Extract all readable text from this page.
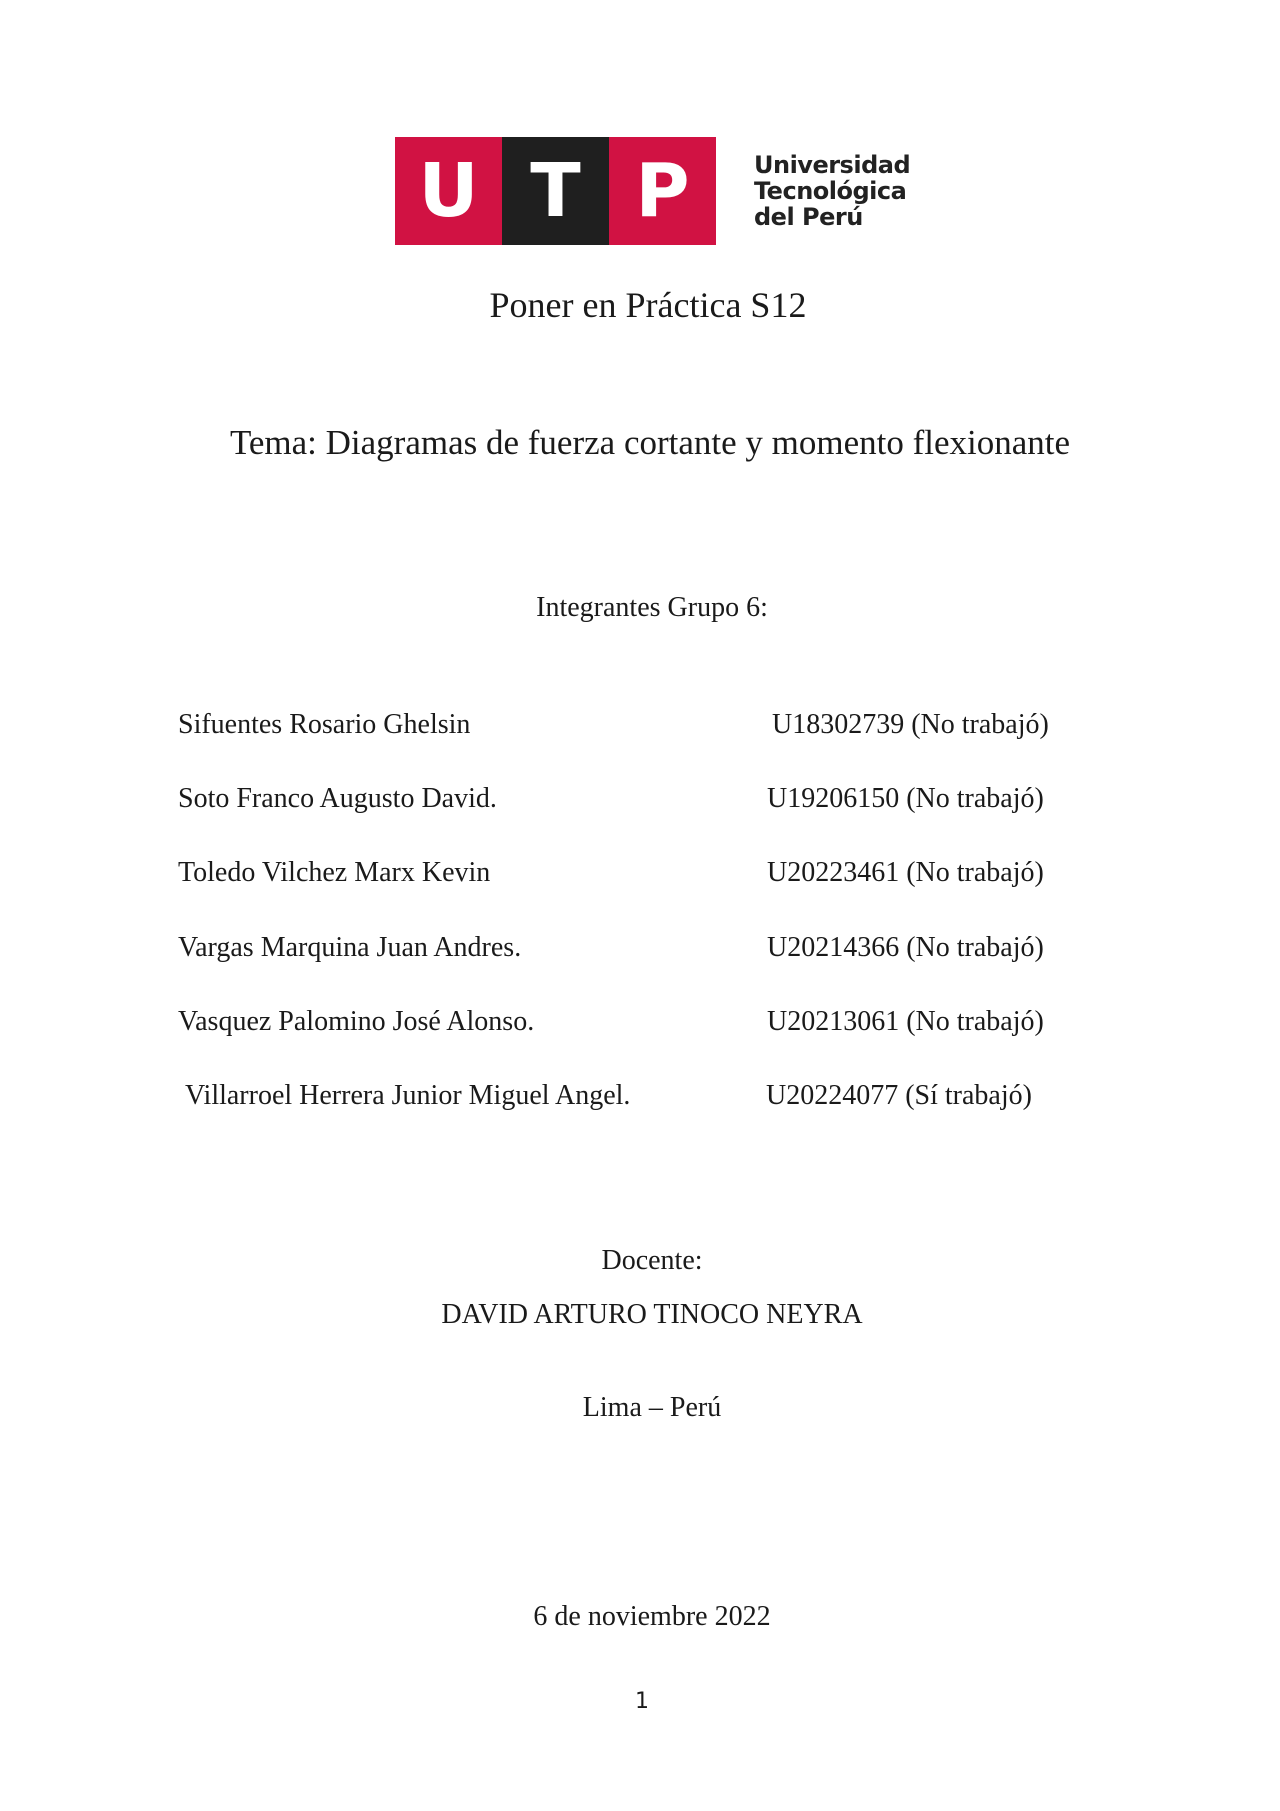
U T P	Universidad
Tecnológica
del Perú
Poner en Práctica S12
Tema: Diagramas de fuerza cortante y momento flexionante
Integrantes Grupo 6:
Sifuentes Rosario Ghelsin	U18302739 (No trabajó)
Soto Franco Augusto David.	U19206150 (No trabajó)
Toledo Vilchez Marx Kevin	U20223461 (No trabajó)
Vargas Marquina Juan Andres.	U20214366 (No trabajó)
Vasquez Palomino José Alonso.	U20213061 (No trabajó)
Villarroel Herrera Junior Miguel Angel.	U20224077 (Sí trabajó)
Docente:
DAVID ARTURO TINOCO NEYRA
Lima – Perú
6 de noviembre 2022
1
